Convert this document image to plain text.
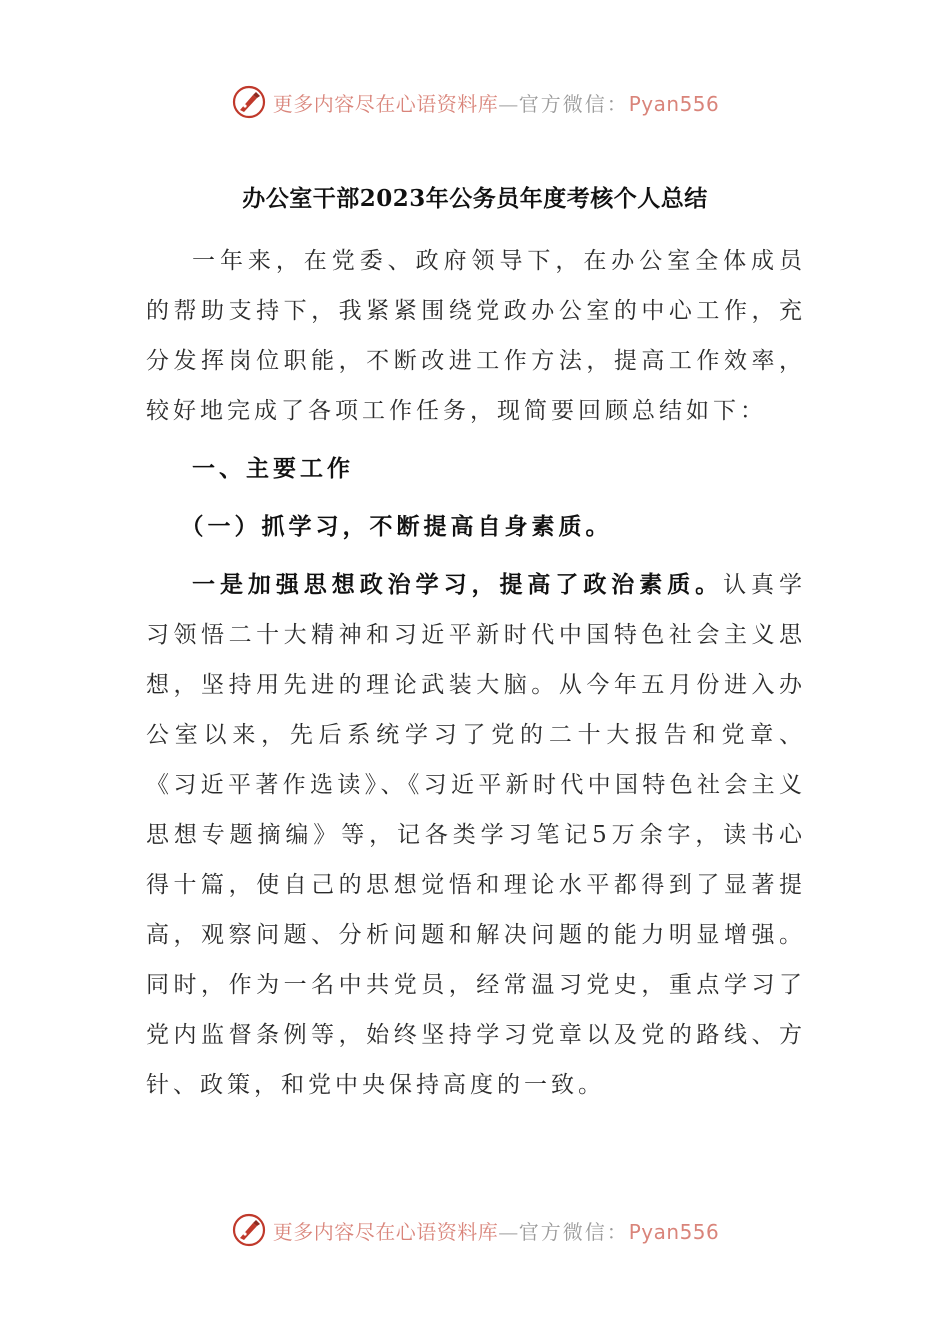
更多内容尽在心语资料库—官方微信：Pyan556
办公室干部2023年公务员年度考核个人总结

一年来，在党委、政府领导下，在办公室全体成员的帮助支持下，我紧紧围绕党政办公室的中心工作，充分发挥岗位职能，不断改进工作方法，提高工作效率，较好地完成了各项工作任务，现简要回顾总结如下：

一、主要工作

（一）抓学习，不断提高自身素质。

一是加强思想政治学习，提高了政治素质。认真学习领悟二十大精神和习近平新时代中国特色社会主义思想，坚持用先进的理论武装大脑。从今年五月份进入办公室以来，先后系统学习了党的二十大报告和党章、《习近平著作选读》、《习近平新时代中国特色社会主义思想专题摘编》等，记各类学习笔记5万余字，读书心得十篇，使自己的思想觉悟和理论水平都得到了显著提高，观察问题、分析问题和解决问题的能力明显增强。同时，作为一名中共党员，经常温习党史，重点学习了党内监督条例等，始终坚持学习党章以及党的路线、方针、政策，和党中央保持高度的一致。

更多内容尽在心语资料库—官方微信：Pyan556
